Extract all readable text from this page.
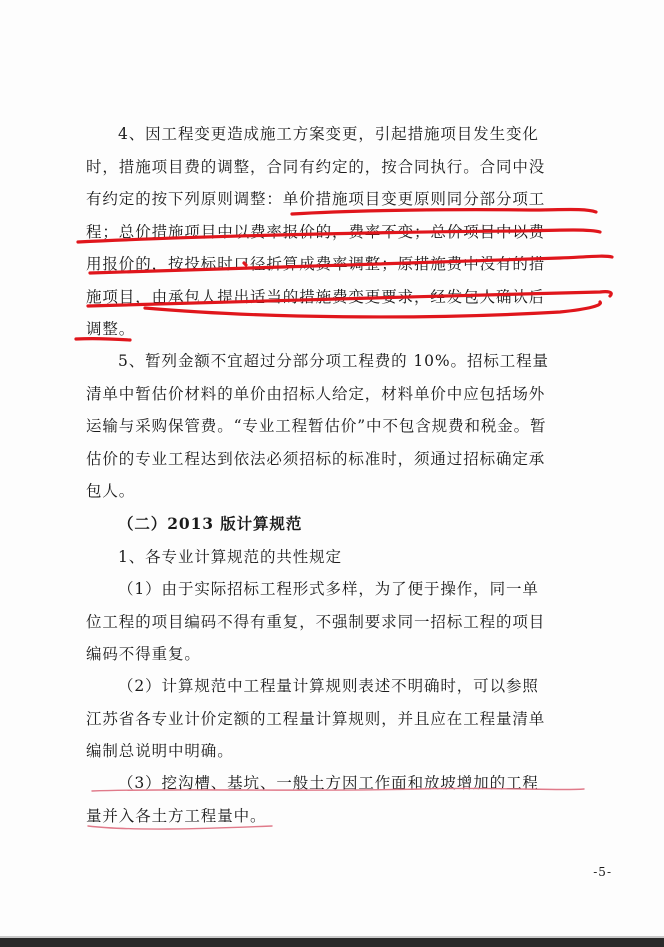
4、因工程变更造成施工方案变更，引起措施项目发生变化
时，措施项目费的调整，合同有约定的，按合同执行。合同中没
有约定的按下列原则调整：单价措施项目变更原则同分部分项工
程；总价措施项目中以费率报价的，费率不变；总价项目中以费
用报价的，按投标时口径折算成费率调整；原措施费中没有的措
施项目，由承包人提出适当的措施费变更要求，经发包人确认后
调整。
5、暂列金额不宜超过分部分项工程费的 10%。招标工程量
清单中暂估价材料的单价由招标人给定，材料单价中应包括场外
运输与采购保管费。“专业工程暂估价”中不包含规费和税金。暂
估价的专业工程达到依法必须招标的标准时，须通过招标确定承
包人。
（二）2013 版计算规范
1、各专业计算规范的共性规定
（1）由于实际招标工程形式多样，为了便于操作，同一单
位工程的项目编码不得有重复，不强制要求同一招标工程的项目
编码不得重复。
（2）计算规范中工程量计算规则表述不明确时，可以参照
江苏省各专业计价定额的工程量计算规则，并且应在工程量清单
编制总说明中明确。
（3）挖沟槽、基坑、一般土方因工作面和放坡增加的工程
量并入各土方工程量中。
-5-
